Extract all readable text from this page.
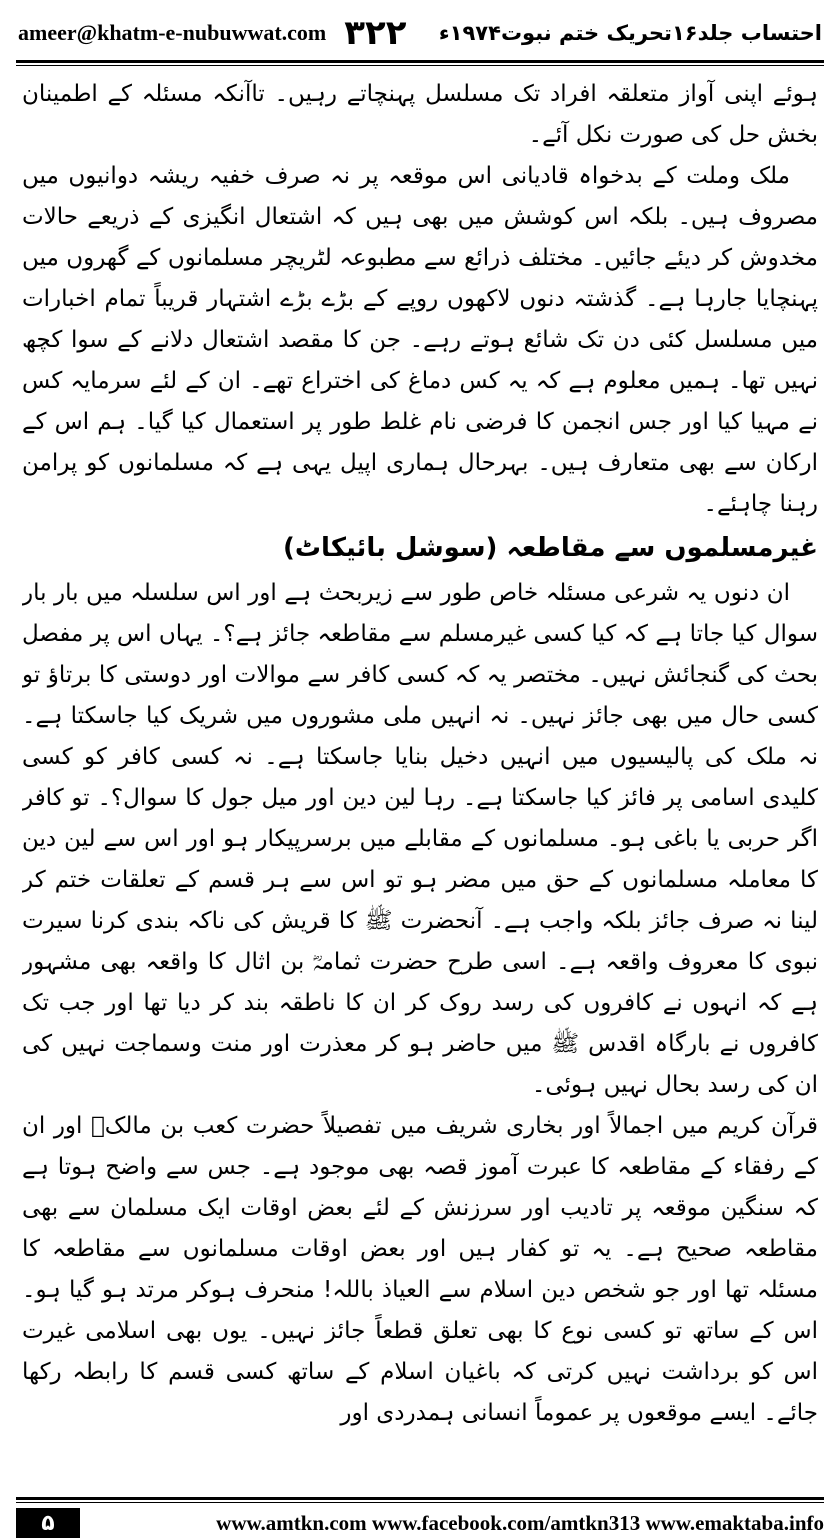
ameer@khatm-e-nubuwwat.com ۳۲۲ احتساب جلد۱۶تحریک ختم نبوت۱۹۷۴ء

ہوئے اپنی آواز متعلقہ افراد تک مسلسل پہنچاتے رہیں۔ تاآنکہ مسئلہ کے اطمینان بخش حل کی صورت نکل آئے۔

ملک وملت کے بدخواہ قادیانی اس موقعہ پر نہ صرف خفیہ ریشہ دوانیوں میں مصروف ہیں۔ بلکہ اس کوشش میں بھی ہیں کہ اشتعال انگیزی کے ذریعے حالات مخدوش کر دیئے جائیں۔ مختلف ذرائع سے مطبوعہ لٹریچر مسلمانوں کے گھروں میں پہنچایا جارہا ہے۔ گذشتہ دنوں لاکھوں روپے کے بڑے بڑے اشتہار قریباً تمام اخبارات میں مسلسل کئی دن تک شائع ہوتے رہے۔ جن کا مقصد اشتعال دلانے کے سوا کچھ نہیں تھا۔ ہمیں معلوم ہے کہ یہ کس دماغ کی اختراع تھے۔ ان کے لئے سرمایہ کس نے مہیا کیا اور جس انجمن کا فرضی نام غلط طور پر استعمال کیا گیا۔ ہم اس کے ارکان سے بھی متعارف ہیں۔ بہرحال ہماری اپیل یہی ہے کہ مسلمانوں کو پرامن رہنا چاہئے۔

غیرمسلموں سے مقاطعہ (سوشل بائیکاٹ)

ان دنوں یہ شرعی مسئلہ خاص طور سے زیربحث ہے اور اس سلسلہ میں بار بار سوال کیا جاتا ہے کہ کیا کسی غیرمسلم سے مقاطعہ جائز ہے؟۔ یہاں اس پر مفصل بحث کی گنجائش نہیں۔ مختصر یہ کہ کسی کافر سے موالات اور دوستی کا برتاؤ تو کسی حال میں بھی جائز نہیں۔ نہ انہیں ملی مشوروں میں شریک کیا جاسکتا ہے۔ نہ ملک کی پالیسیوں میں انہیں دخیل بنایا جاسکتا ہے۔ نہ کسی کافر کو کسی کلیدی اسامی پر فائز کیا جاسکتا ہے۔ رہا لین دین اور میل جول کا سوال؟۔ تو کافر اگر حربی یا باغی ہو۔ مسلمانوں کے مقابلے میں برسرپیکار ہو اور اس سے لین دین کا معاملہ مسلمانوں کے حق میں مضر ہو تو اس سے ہر قسم کے تعلقات ختم کر لینا نہ صرف جائز بلکہ واجب ہے۔ آنحضرت ﷺ کا قریش کی ناکہ بندی کرنا سیرت نبوی کا معروف واقعہ ہے۔ اسی طرح حضرت ثمامہؓ بن اثال کا واقعہ بھی مشہور ہے کہ انہوں نے کافروں کی رسد روک کر ان کا ناطقہ بند کر دیا تھا اور جب تک کافروں نے بارگاہ اقدس ﷺ میں حاضر ہو کر معذرت اور منت وسماجت نہیں کی ان کی رسد بحال نہیں ہوئی۔

قرآن کریم میں اجمالاً اور بخاری شریف میں تفصیلاً حضرت کعب بن مالکؓ اور ان کے رفقاء کے مقاطعہ کا عبرت آموز قصہ بھی موجود ہے۔ جس سے واضح ہوتا ہے کہ سنگین موقعہ پر تادیب اور سرزنش کے لئے بعض اوقات ایک مسلمان سے بھی مقاطعہ صحیح ہے۔ یہ تو کفار ہیں اور بعض اوقات مسلمانوں سے مقاطعہ کا مسئلہ تھا اور جو شخص دین اسلام سے العیاذ باللہ! منحرف ہوکر مرتد ہو گیا ہو۔ اس کے ساتھ تو کسی نوع کا بھی تعلق قطعاً جائز نہیں۔ یوں بھی اسلامی غیرت اس کو برداشت نہیں کرتی کہ باغیان اسلام کے ساتھ کسی قسم کا رابطہ رکھا جائے۔ ایسے موقعوں پر عموماً انسانی ہمدردی اور

۵	www.amtkn.com www.facebook.com/amtkn313 www.emaktaba.info
